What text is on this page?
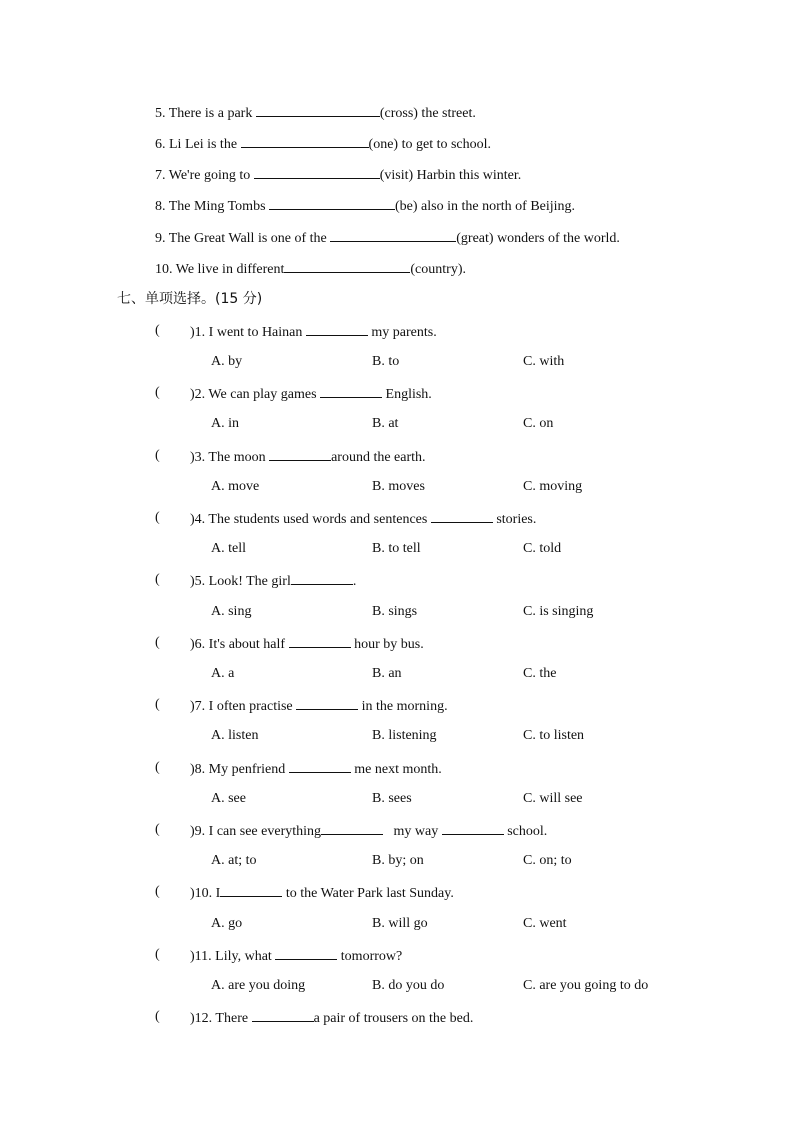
5. There is a park	(cross) the street.
6. Li Lei is the	(one) to get to school.
7. We're going to	(visit) Harbin this winter.
8. The Ming Tombs	(be) also in the north of Beijing.
9. The Great Wall is one of the	(great) wonders of the world.
10. We live in different	(country).
七、单项选择。(15 分)
( )1. I went to Hainan	my parents.
A. by	B. to	C. with
( )2. We can play games	English.
A. in	B. at	C. on
( )3. The moon	around the earth.
A. move	B. moves	C. moving
( )4. The students used words and sentences	stories.
A. tell	B. to tell	C. told
( )5. Look! The girl	.
A. sing	B. sings	C. is singing
( )6. It's about half	hour by bus.
A. a	B. an	C. the
( )7. I often practise	in the morning.
A. listen	B. listening	C. to listen
( )8. My penfriend	me next month.
A. see	B. sees	C. will see
( )9. I can see everything	my way	school.
A. at; to	B. by; on	C. on; to
( )10. I	to the Water Park last Sunday.
A. go	B. will go	C. went
( )11. Lily, what	tomorrow?
A. are you doing	B. do you do	C. are you going to do
( )12. There	a pair of trousers on the bed.
